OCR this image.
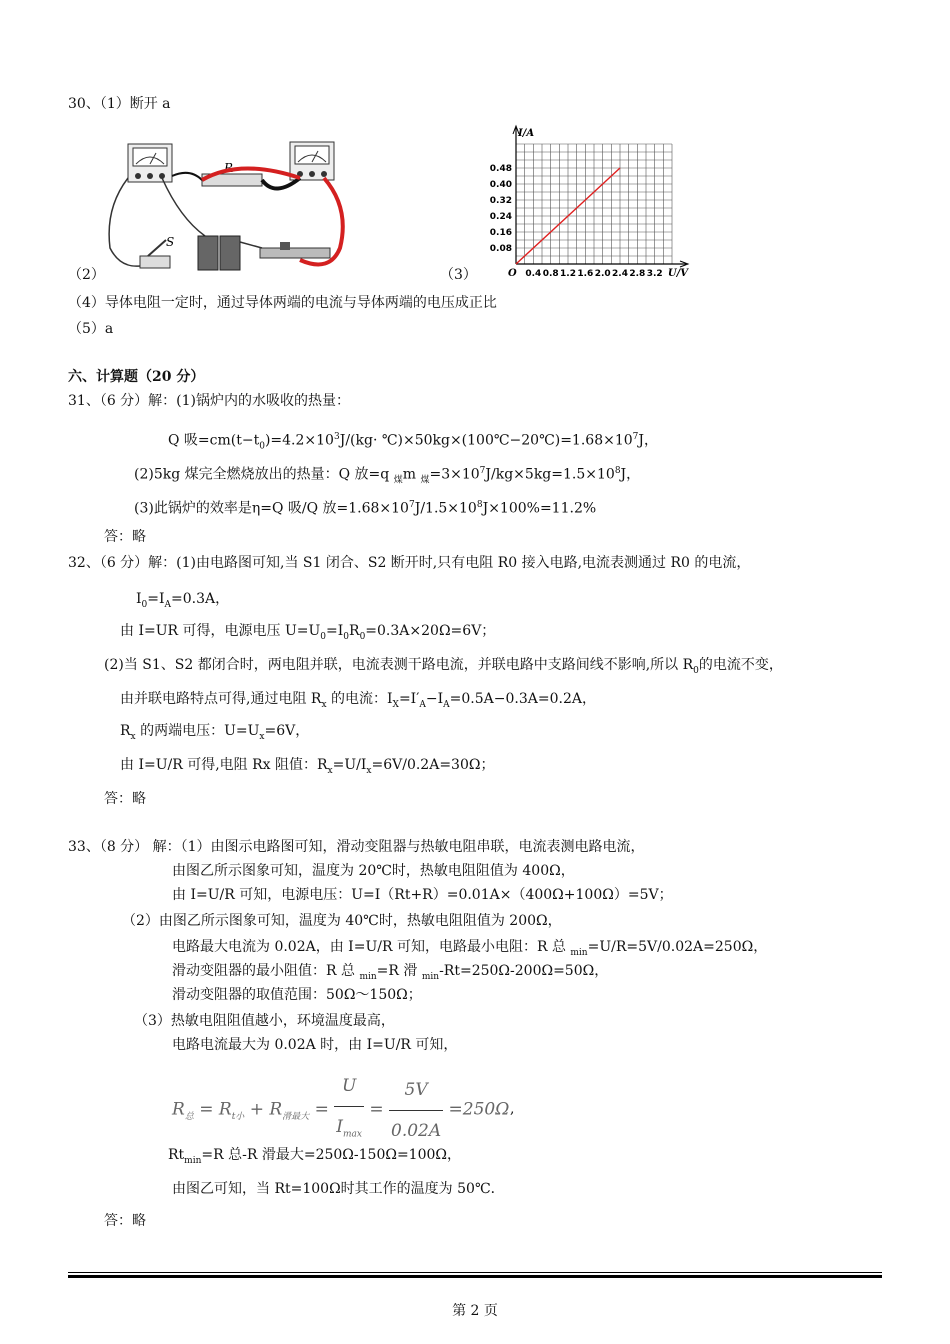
30、（1）断开 a
R
S
（2）	（3）
0.08
0.16
0.24
0.32
0.40
0.48
0.4 0.8 1.2 1.6 2.0 2.4 2.8 3.2
O
I/A
U/V
（4）导体电阻一定时，通过导体两端的电流与导体两端的电压成正比
（5）a
六、计算题（20 分）
31、（6 分）解：(1)锅炉内的水吸收的热量：
Q 吸$=cm(t-t_0)=4.2\times 10^3J/(kg\cdot$ $℃)\times 50kg\times(100℃-20℃)=1.68\times 10^7J$，
(2)5kg 煤完全燃烧放出的热量：Q 放=q $_煤$m $_煤=3\times 10^7J/kg\times 5kg=1.5\times 10^8J$，
(3)此锅炉的效率是η=Q 吸/Q 放$=1.68\times 10^7J/1.5\times 10^8J\times 100\%=11.2\%$
答：略
32、（6 分）解：(1)由电路图可知,当 S1 闭合、S2 断开时,只有电阻 R0 接入电路,电流表测通过 R0 的电流，
$I_0=I_A=0.3A$，
由 I=UR 可得，电源电压 $U=U_0=I_0R_0=0.3A\times 20\Omega=6V$；
(2)当 S1、S2 都闭合时，两电阻并联，电流表测干路电流，并联电路中支路间线不影响,所以 $R_0$的电流不变，
由并联电路特点可得,通过电阻 $R_x$ 的电流：$I_X=I'_A-I_A=0.5A-0.3A=0.2A$，
$R_x$ 的两端电压：$U=U_x=6V$，
由 I=U/R 可得,电阻 Rx 阻值：$R_x=U/I_x=6V/0.2A=30\Omega$；
答：略
33、（8 分） 解：（1）由图示电路图可知，滑动变阻器与热敏电阻串联，电流表测电路电流，
由图乙所示图象可知，温度为 20℃时，热敏电阻阻值为 400Ω，
由 I=U/R 可知，电源电压：U=I（Rt+R）=0.01A×（400Ω+100Ω）=5V；
（2）由图乙所示图象可知，温度为 40℃时，热敏电阻阻值为 200Ω，
电路最大电流为 0.02A，由 I=U/R 可知，电路最小电阻：R 总 $_{min}$=U/R=5V/0.02A=250Ω，
滑动变阻器的最小阻值：R 总 $_{min}$=R 滑 $_{min}$-Rt=250Ω-200Ω=50Ω，
滑动变阻器的取值范围：50Ω～150Ω；
（3）热敏电阻阻值越小，环境温度最高，
电路电流最大为 0.02A 时，由 I=U/R 可知，
$R_总 = R_{t小} + R_{滑最大} = \frac{U}{I_{max}} = \frac{5V}{0.02A} =250\Omega$ ,
$Rt_{min}=R$ 总-R 滑最大=250Ω-150Ω=100Ω，
由图乙可知，当 Rt=100Ω时其工作的温度为 50℃．
答：略
第 2 页
